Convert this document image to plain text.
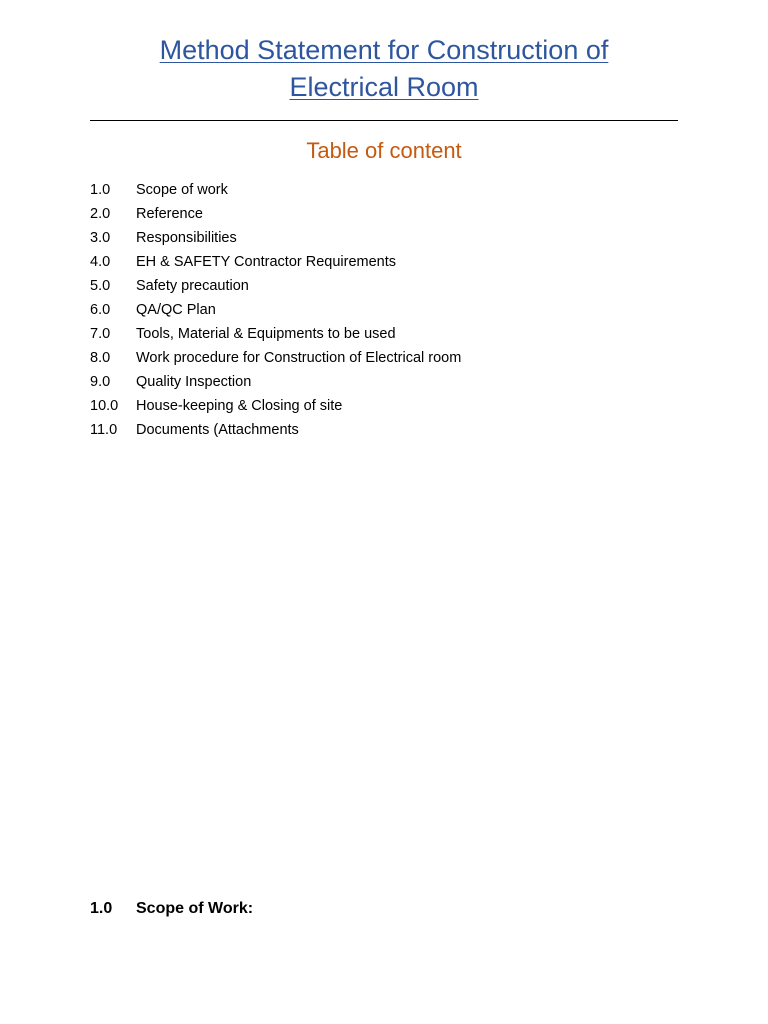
Method Statement for Construction of
Electrical Room
Table of content
1.0	Scope of work
2.0	Reference
3.0	Responsibilities
4.0	EH & SAFETY Contractor Requirements
5.0	Safety precaution
6.0	QA/QC Plan
7.0	Tools, Material & Equipments to be used
8.0	Work procedure for Construction of Electrical room
9.0	Quality Inspection
10.0	House-keeping & Closing of site
11.0	Documents (Attachments
1.0	Scope of Work:
